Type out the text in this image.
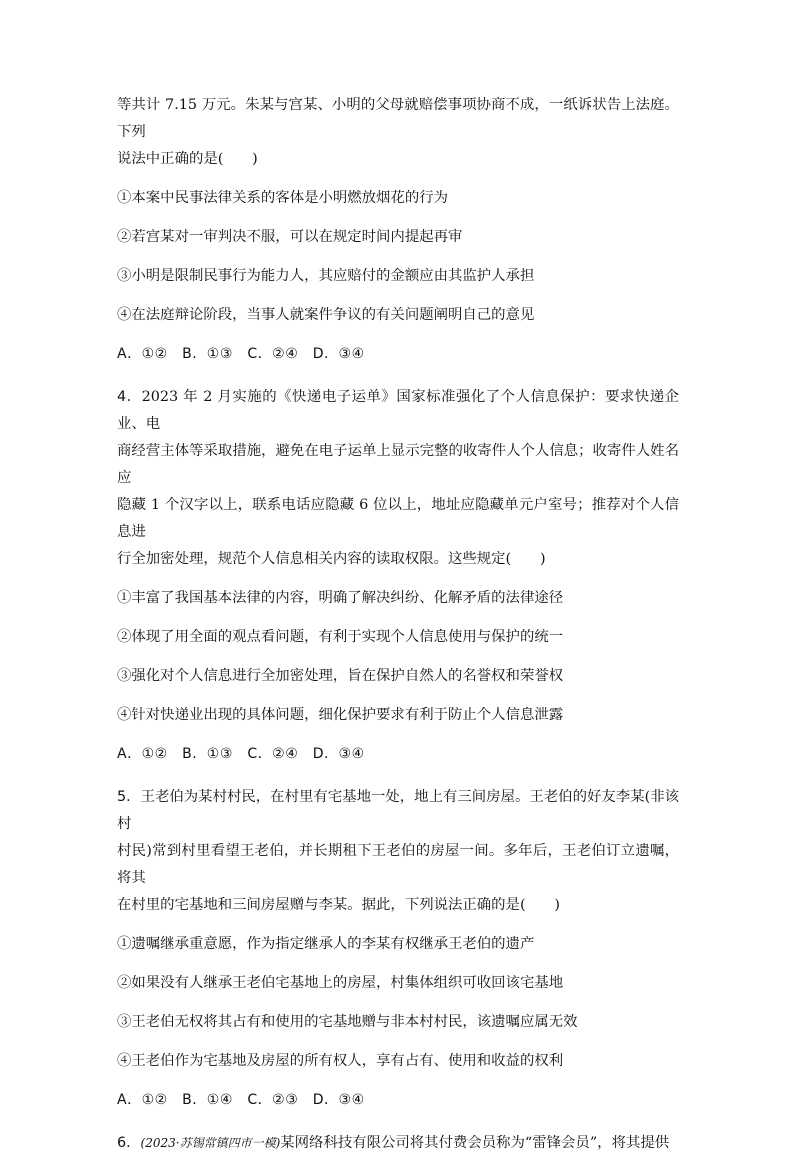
等共计 7.15 万元。朱某与宫某、小明的父母就赔偿事项协商不成，一纸诉状告上法庭。下列

说法中正确的是(　　)

①本案中民事法律关系的客体是小明燃放烟花的行为

②若宫某对一审判决不服，可以在规定时间内提起再审

③小明是限制民事行为能力人，其应赔付的金额应由其监护人承担

④在法庭辩论阶段，当事人就案件争议的有关问题阐明自己的意见

A．①②　B．①③　C．②④　D．③④

4．2023 年 2 月实施的《快递电子运单》国家标准强化了个人信息保护：要求快递企业、电

商经营主体等采取措施，避免在电子运单上显示完整的收寄件人个人信息；收寄件人姓名应

隐藏 1 个汉字以上，联系电话应隐藏 6 位以上，地址应隐藏单元户室号；推荐对个人信息进

行全加密处理，规范个人信息相关内容的读取权限。这些规定(　　)

①丰富了我国基本法律的内容，明确了解决纠纷、化解矛盾的法律途径

②体现了用全面的观点看问题，有利于实现个人信息使用与保护的统一

③强化对个人信息进行全加密处理，旨在保护自然人的名誉权和荣誉权

④针对快递业出现的具体问题，细化保护要求有利于防止个人信息泄露

A．①②　B．①③　C．②④　D．③④

5．王老伯为某村村民，在村里有宅基地一处，地上有三间房屋。王老伯的好友李某(非该村

村民)常到村里看望王老伯，并长期租下王老伯的房屋一间。多年后，王老伯订立遗嘱，将其

在村里的宅基地和三间房屋赠与李某。据此，下列说法正确的是(　　)

①遗嘱继承重意愿，作为指定继承人的李某有权继承王老伯的遗产

②如果没有人继承王老伯宅基地上的房屋，村集体组织可收回该宅基地

③王老伯无权将其占有和使用的宅基地赠与非本村村民，该遗嘱应属无效

④王老伯作为宅基地及房屋的所有权人，享有占有、使用和收益的权利

A．①②　B．①④　C．②③　D．③④

6．(2023·苏锡常镇四市一模)某网络科技有限公司将其付费会员称为“雷锋会员”，将其提供
